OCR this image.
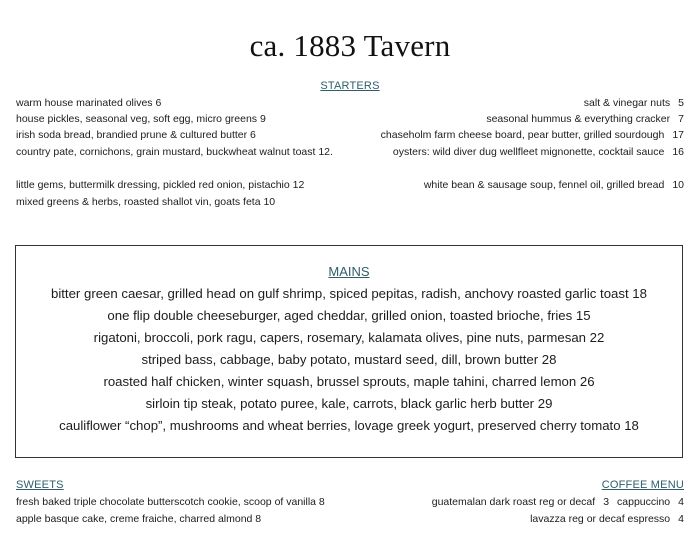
ca. 1883 Tavern
STARTERS
warm house marinated olives 6
house pickles, seasonal veg, soft egg, micro greens 9
irish soda bread, brandied prune & cultured butter 6
country pate, cornichons, grain mustard, buckwheat walnut toast 12.
little gems, buttermilk dressing, pickled red onion, pistachio 12
mixed greens & herbs, roasted shallot vin, goats feta 10
salt & vinegar nuts 5
seasonal hummus & everything cracker 7
chaseholm farm cheese board, pear butter, grilled sourdough 17
oysters: wild diver dug wellfleet mignonette, cocktail sauce 16
white bean & sausage soup, fennel oil, grilled bread 10
MAINS
bitter green caesar, grilled head on gulf shrimp, spiced pepitas, radish, anchovy roasted garlic toast 18
one flip double cheeseburger, aged cheddar, grilled onion, toasted brioche, fries 15
rigatoni, broccoli, pork ragu, capers, rosemary, kalamata olives, pine nuts, parmesan 22
striped bass, cabbage, baby potato, mustard seed, dill, brown butter 28
roasted half chicken, winter squash, brussel sprouts, maple tahini, charred lemon 26
sirloin tip steak, potato puree, kale, carrots, black garlic herb butter 29
cauliflower “chop”, mushrooms and wheat berries, lovage greek yogurt, preserved cherry tomato 18
SWEETS
fresh baked triple chocolate butterscotch cookie, scoop of vanilla 8
apple basque cake, creme fraiche, charred almond 8
COFFEE MENU
guatemalan dark roast reg or decaf 3 cappuccino 4
lavazza reg or decaf espresso 4
